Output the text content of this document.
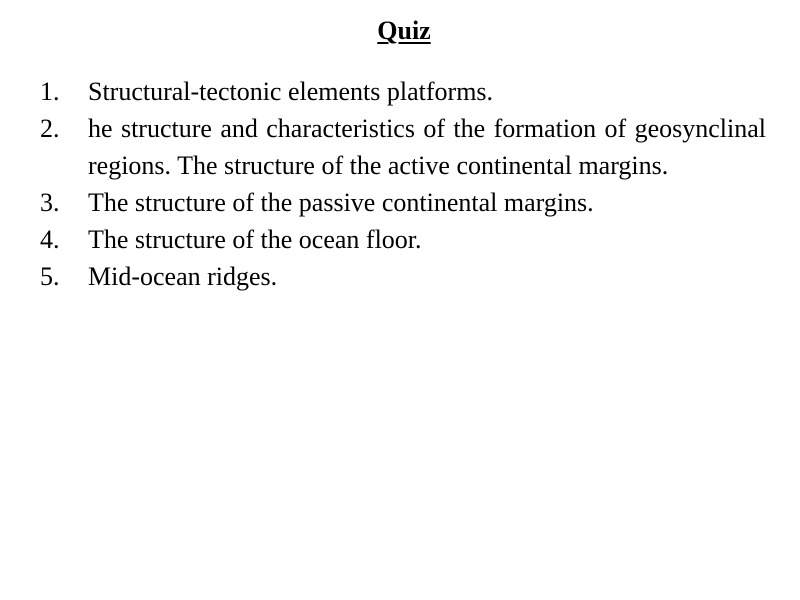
Quiz
1. Structural-tectonic elements platforms.
2. he structure and characteristics of the formation of geosynclinal regions. The structure of the active continental margins.
3. The structure of the passive continental margins.
4. The structure of the ocean floor.
5. Mid-ocean ridges.
